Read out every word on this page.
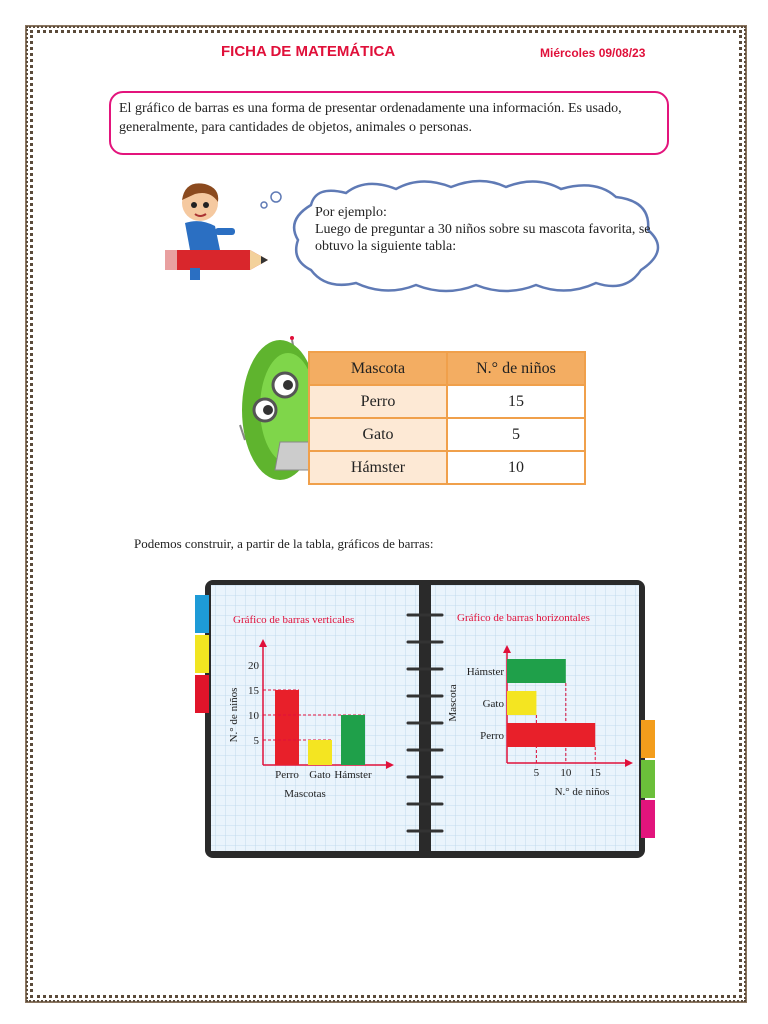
FICHA DE MATEMÁTICA	Miércoles 09/08/23
El gráfico de barras es una forma de presentar ordenadamente una información. Es usado, generalmente, para cantidades de objetos, animales o personas.
Por ejemplo:
Luego de preguntar a 30 niños sobre su mascota favorita, se obtuvo la siguiente tabla:
Mascota	N.° de niños
Perro	15
Gato	5
Hámster	10
Podemos construir, a partir de la tabla, gráficos de barras:
Gráfico de barras verticales	Gráfico de barras horizontales
5
10
15
20
Perro Gato Hámster
Mascotas
N.° de niños
Hámster
Gato
Perro
5 10 15
N.° de niños
Mascota
